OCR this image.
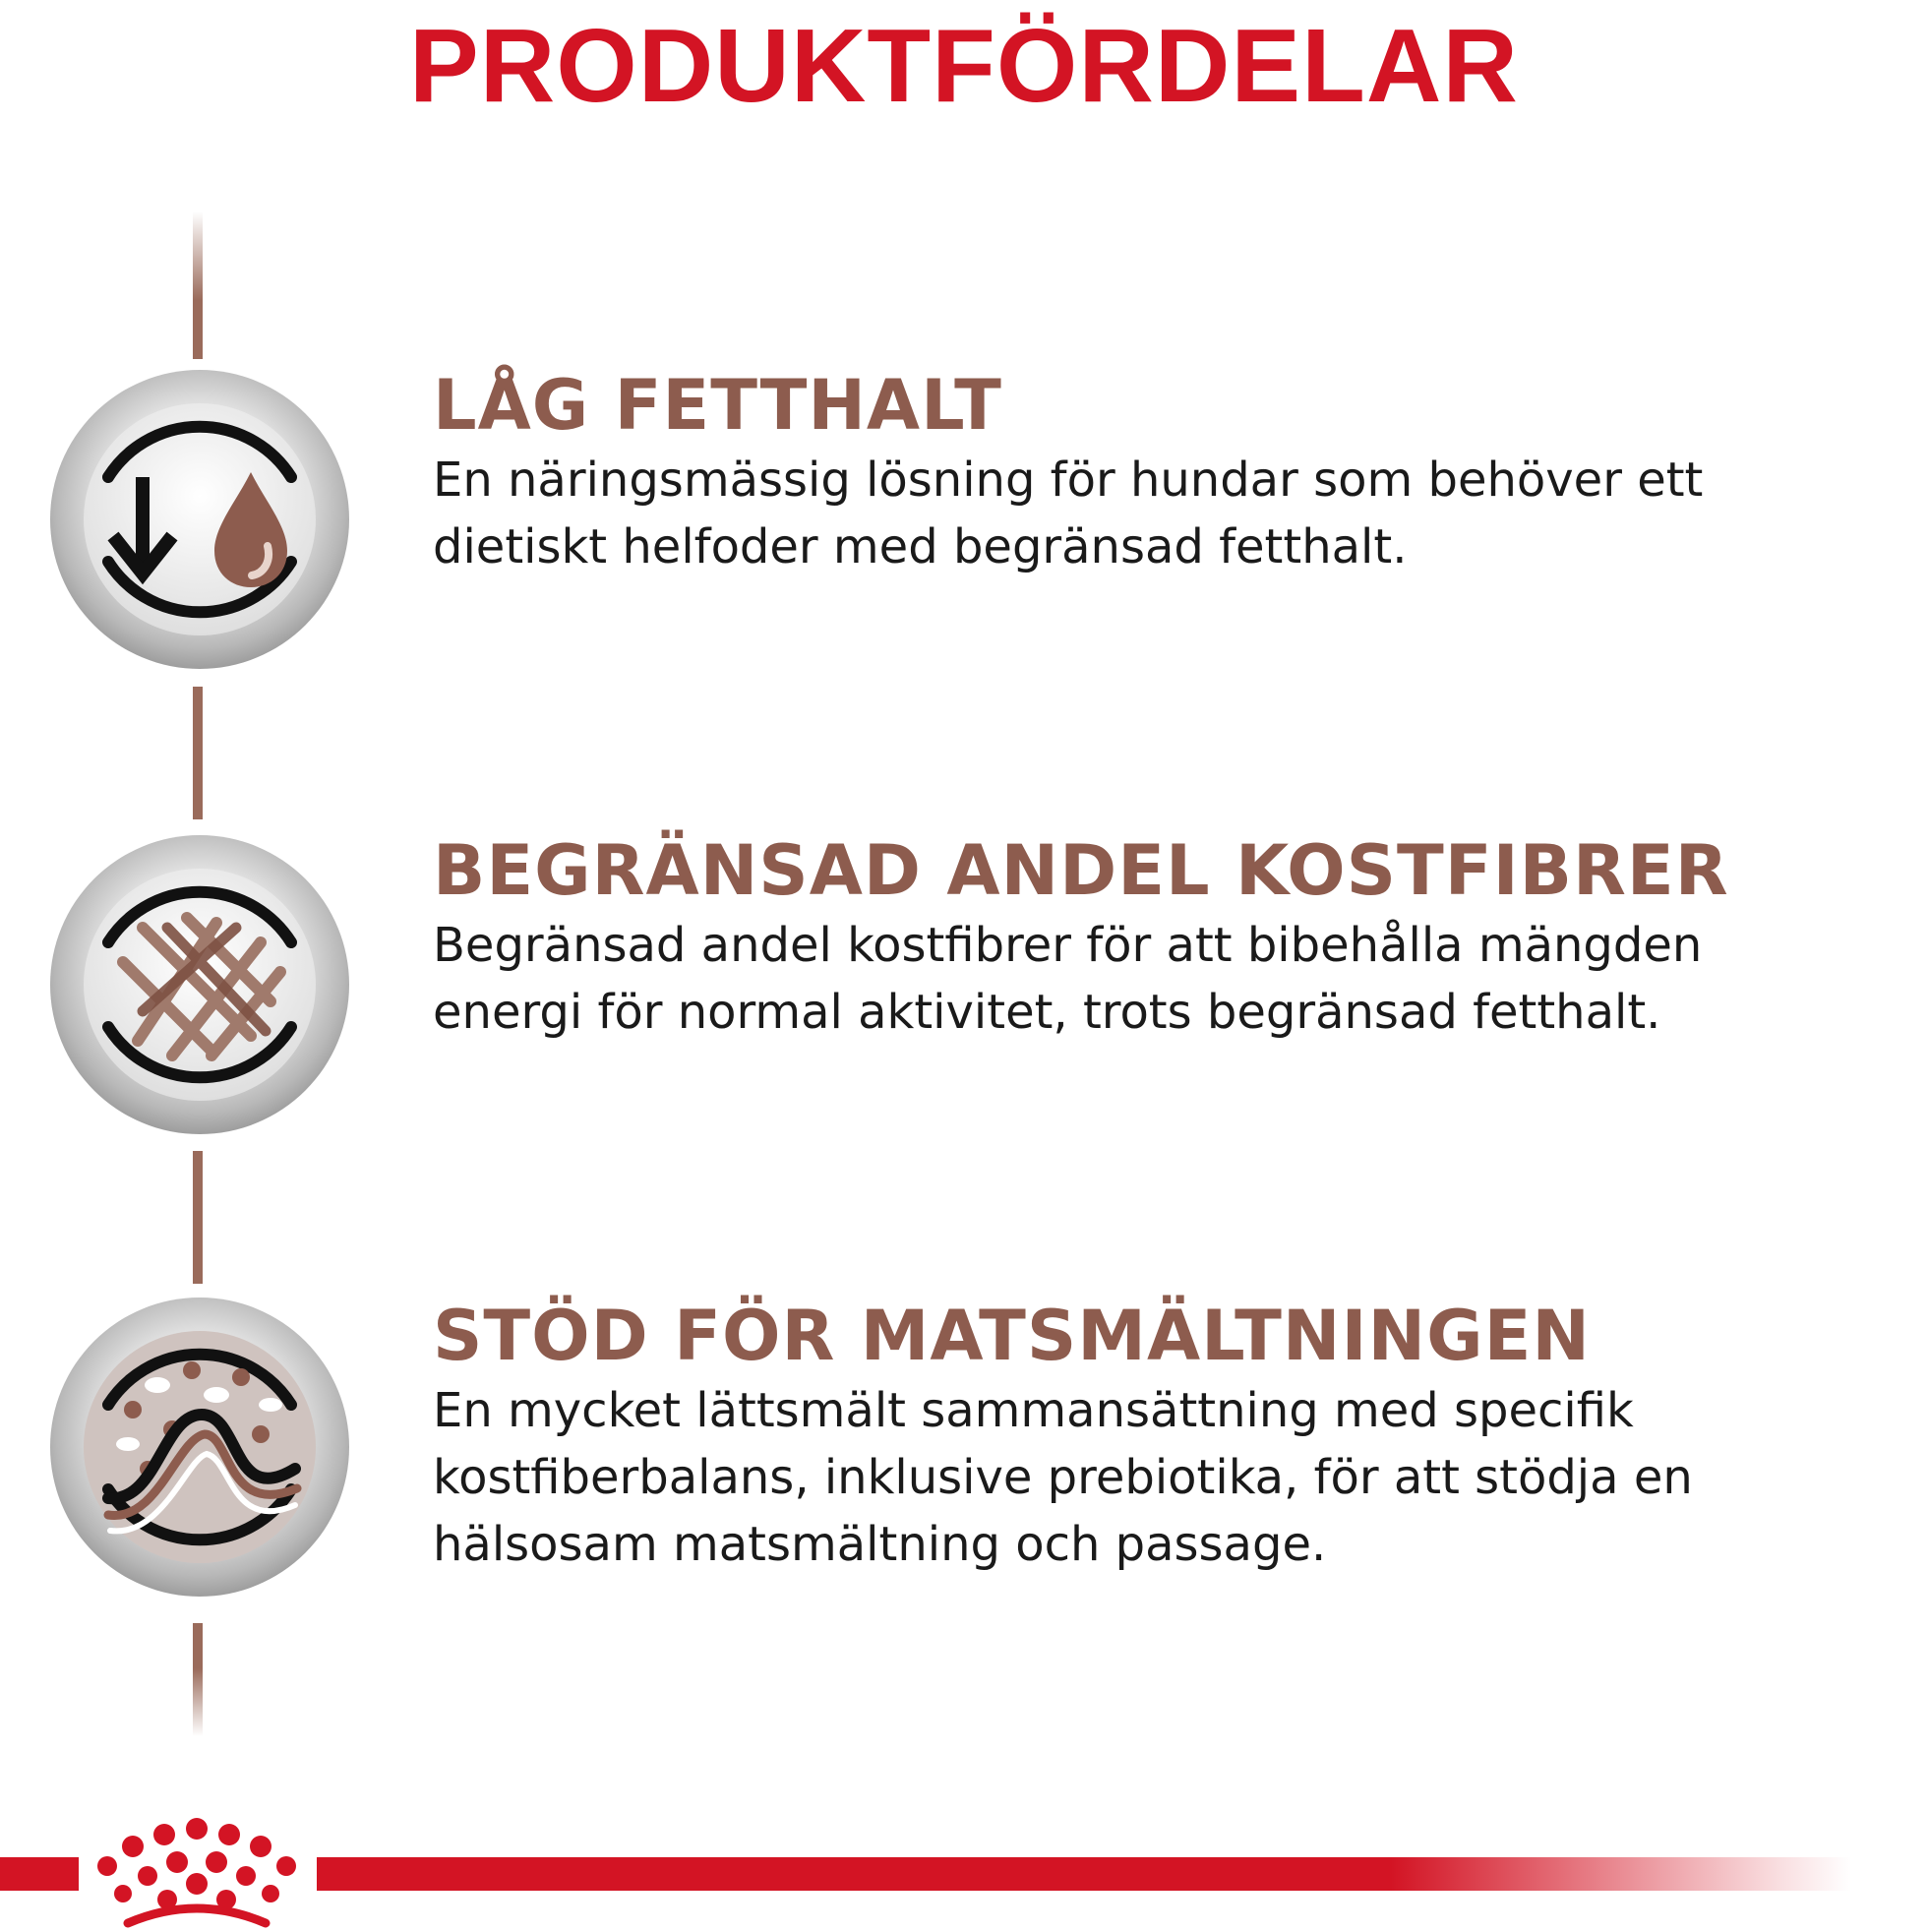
PRODUKTFÖRDELAR
LÅG FETTHALT

En näringsmässig lösning för hundar som behöver ett
dietiskt helfoder med begränsad fetthalt.

BEGRÄNSAD ANDEL KOSTFIBRER

Begränsad andel kostfibrer för att bibehålla mängden
energi för normal aktivitet, trots begränsad fetthalt.

STÖD FÖR MATSMÄLTNINGEN

En mycket lättsmält sammansättning med specifik
kostfiberbalans, inklusive prebiotika, för att stödja en
hälsosam matsmältning och passage.
